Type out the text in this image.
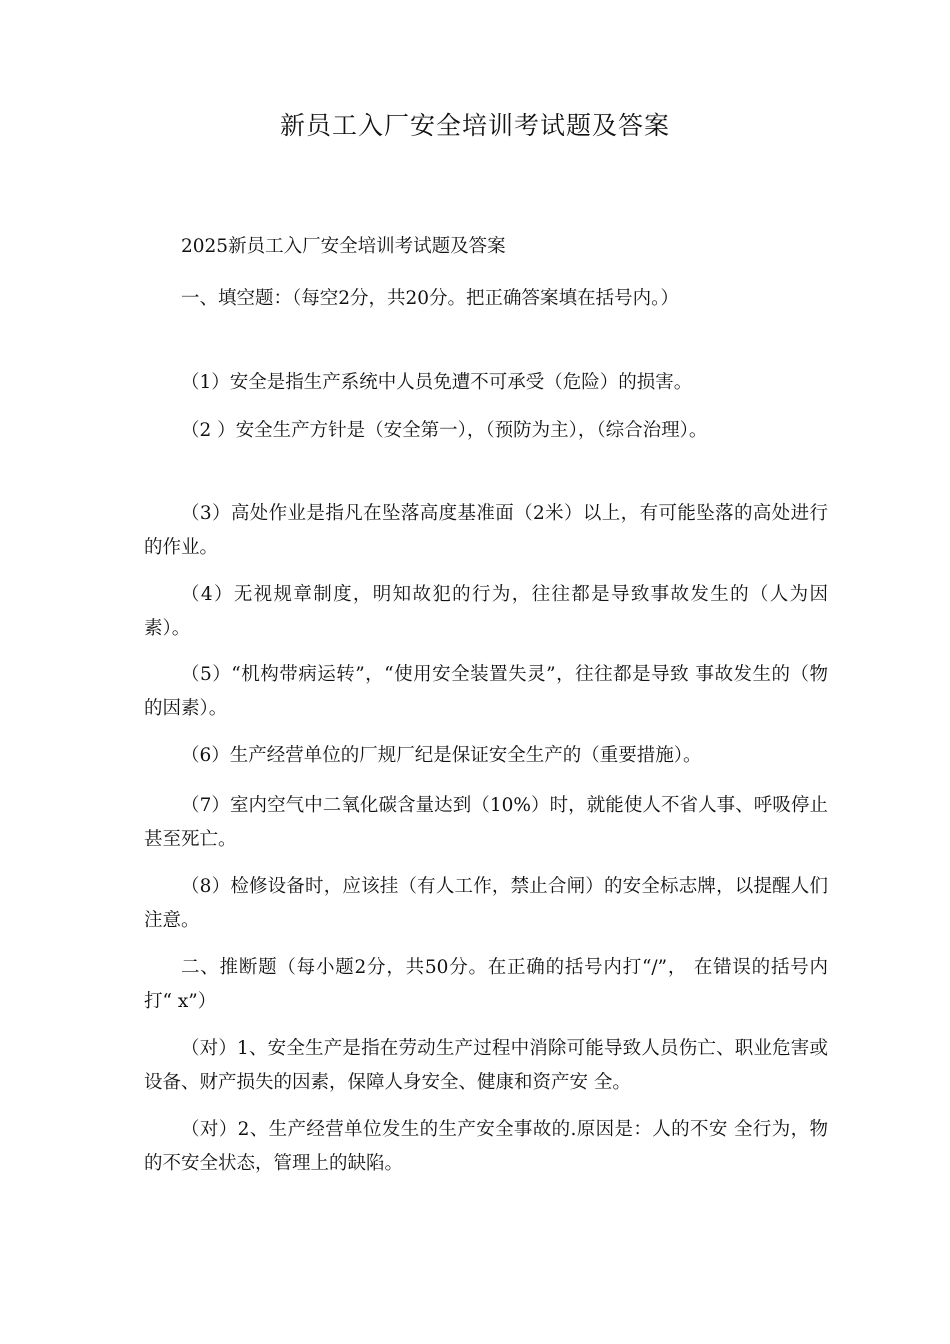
新员工入厂安全培训考试题及答案

2025新员工入厂安全培训考试题及答案

一、填空题：（每空2分，共20分。把正确答案填在括号内。）

（1）安全是指生产系统中人员免遭不可承受（危险）的损害。

（2 ）安全生产方针是（安全第一），（预防为主），（综合治理）。

（3）高处作业是指凡在坠落高度基准面（2米）以上，有可能坠落的高处进行的作业。

（4）无视规章制度，明知故犯的行为，往往都是导致事故发生的（人为因素）。

（5）“机构带病运转”，“使用安全装置失灵”，往往都是导致 事故发生的（物的因素）。

（6）生产经营单位的厂规厂纪是保证安全生产的（重要措施）。

（7）室内空气中二氧化碳含量达到（10%）时，就能使人不省人事、呼吸停止甚至死亡。

（8）检修设备时，应该挂（有人工作，禁止合闸）的安全标志牌，以提醒人们注意。

二、推断题（每小题2分，共50分。在正确的括号内打“/”， 在错误的括号内打“ x”）

（对）1、安全生产是指在劳动生产过程中消除可能导致人员伤亡、职业危害或设备、财产损失的因素，保障人身安全、健康和资产安 全。

（对）2、生产经营单位发生的生产安全事故的.原因是：人的不安 全行为，物的不安全状态，管理上的缺陷。
